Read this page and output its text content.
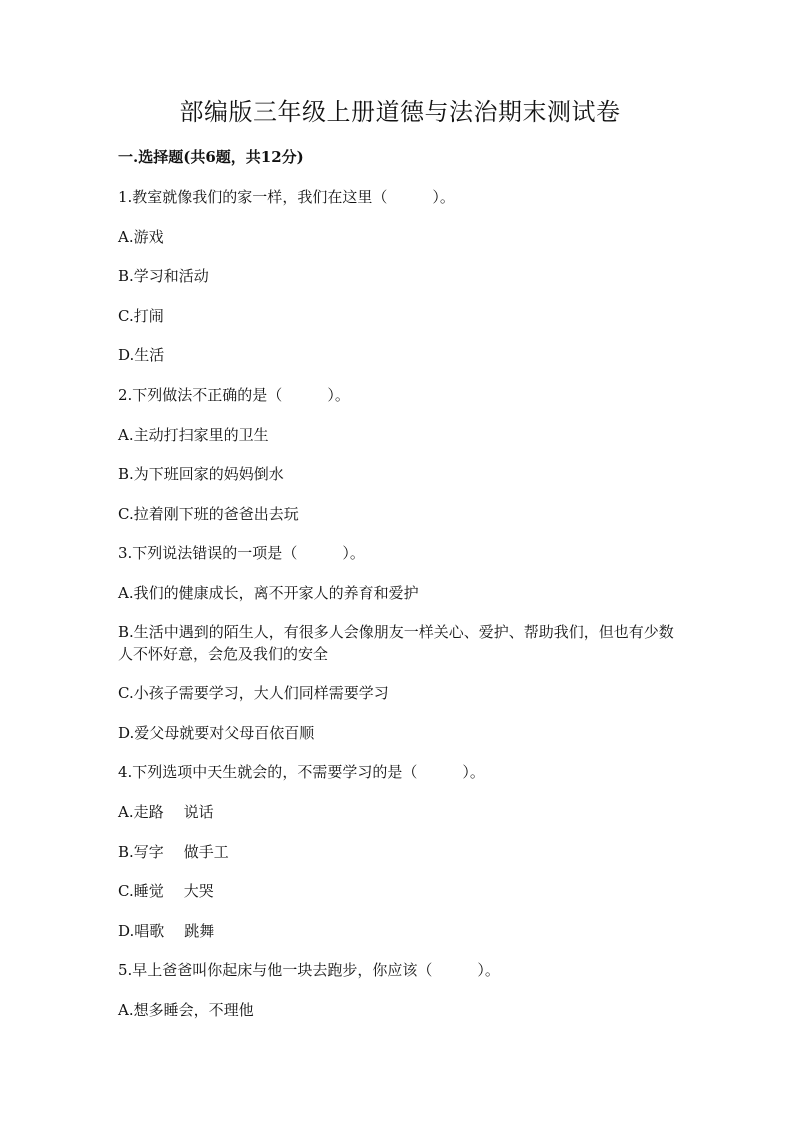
部编版三年级上册道德与法治期末测试卷

一.选择题(共6题，共12分)

1.教室就像我们的家一样，我们在这里（　　　）。

A.游戏

B.学习和活动

C.打闹

D.生活

2.下列做法不正确的是（　　　）。

A.主动打扫家里的卫生

B.为下班回家的妈妈倒水

C.拉着刚下班的爸爸出去玩

3.下列说法错误的一项是（　　　）。

A.我们的健康成长，离不开家人的养育和爱护

B.生活中遇到的陌生人，有很多人会像朋友一样关心、爱护、帮助我们，但也有少数人不怀好意，会危及我们的安全

C.小孩子需要学习，大人们同样需要学习

D.爱父母就要对父母百依百顺

4.下列选项中天生就会的，不需要学习的是（　　　）。

A.走路 说话

B.写字 做手工

C.睡觉 大哭

D.唱歌 跳舞

5.早上爸爸叫你起床与他一块去跑步，你应该（　　　）。

A.想多睡会，不理他
